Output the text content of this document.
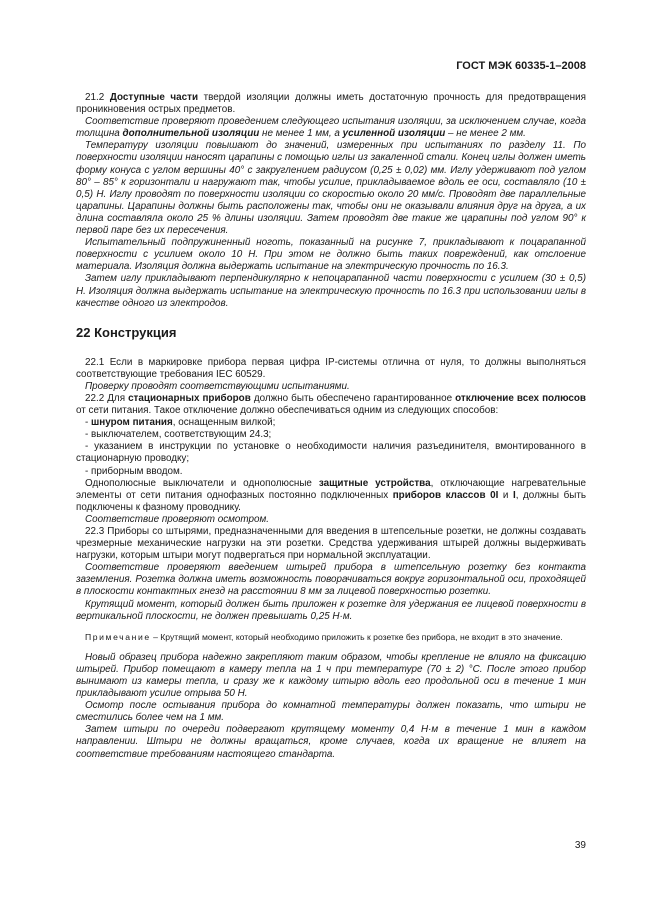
ГОСТ МЭК 60335-1–2008

21.2 Доступные части твердой изоляции должны иметь достаточную прочность для предотвращения проникновения острых предметов.

Соответствие проверяют проведением следующего испытания изоляции, за исключением случае, когда толщина дополнительной изоляции не менее 1 мм, а усиленной изоляции – не менее 2 мм.

Температуру изоляции повышают до значений, измеренных при испытаниях по разделу 11. По поверхности изоляции наносят царапины с помощью иглы из закаленной стали. Конец иглы должен иметь форму конуса с углом вершины 40° с закруглением радиусом (0,25 ± 0,02) мм. Иглу удерживают под углом 80° – 85° к горизонтали и нагружают так, чтобы усилие, прикладываемое вдоль ее оси, составляло (10 ± 0,5) Н. Иглу проводят по поверхности изоляции со скоростью около 20 мм/с. Проводят две параллельные царапины. Царапины должны быть расположены так, чтобы они не оказывали влияния друг на друга, а их длина составляла около 25 % длины изоляции. Затем проводят две такие же царапины под углом 90° к первой паре без их пересечения.

Испытательный подпружиненный ноготь, показанный на рисунке 7, прикладывают к поцарапанной поверхности с усилием около 10 Н. При этом не должно быть таких повреждений, как отслоение материала. Изоляция должна выдержать испытание на электрическую прочность по 16.3.

Затем иглу прикладывают перпендикулярно к непоцарапанной части поверхности с усилием (30 ± 0,5) Н. Изоляция должна выдержать испытание на электрическую прочность по 16.3 при использовании иглы в качестве одного из электродов.

22 Конструкция

22.1 Если в маркировке прибора первая цифра IP-системы отлична от нуля, то должны выполняться соответствующие требования IEC 60529.

Проверку проводят соответствующими испытаниями.

22.2 Для стационарных приборов должно быть обеспечено гарантированное отключение всех полюсов от сети питания. Такое отключение должно обеспечиваться одним из следующих способов:

- шнуром питания, оснащенным вилкой;

- выключателем, соответствующим 24.3;

- указанием в инструкции по установке о необходимости наличия разъединителя, вмонтированного в стационарную проводку;

- приборным вводом.

Однополюсные выключатели и однополюсные защитные устройства, отключающие нагревательные элементы от сети питания однофазных постоянно подключенных приборов классов 0I и I, должны быть подключены к фазному проводнику.

Соответствие проверяют осмотром.

22.3 Приборы со штырями, предназначенными для введения в штепсельные розетки, не должны создавать чрезмерные механические нагрузки на эти розетки. Средства удерживания штырей должны выдерживать нагрузки, которым штыри могут подвергаться при нормальной эксплуатации.

Соответствие проверяют введением штырей прибора в штепсельную розетку без контакта заземления. Розетка должна иметь возможность поворачиваться вокруг горизонтальной оси, проходящей в плоскости контактных гнезд на расстоянии 8 мм за лицевой поверхностью розетки.

Крутящий момент, который должен быть приложен к розетке для удержания ее лицевой поверхности в вертикальной плоскости, не должен превышать 0,25 Н·м.

Примечание – Крутящий момент, который необходимо приложить к розетке без прибора, не входит в это значение.

Новый образец прибора надежно закрепляют таким образом, чтобы крепление не влияло на фиксацию штырей. Прибор помещают в камеру тепла на 1 ч при температуре (70 ± 2) °С. После этого прибор вынимают из камеры тепла, и сразу же к каждому штырю вдоль его продольной оси в течение 1 мин прикладывают усилие отрыва 50 Н.

Осмотр после остывания прибора до комнатной температуры должен показать, что штыри не сместились более чем на 1 мм.

Затем штыри по очереди подвергают крутящему моменту 0,4 Н·м в течение 1 мин в каждом направлении. Штыри не должны вращаться, кроме случаев, когда их вращение не влияет на соответствие требованиям настоящего стандарта.

39
